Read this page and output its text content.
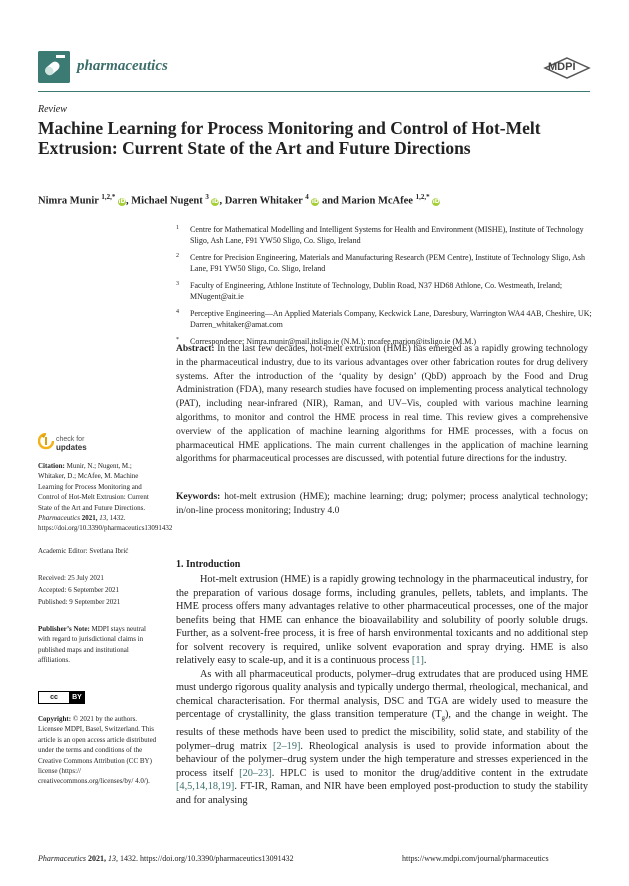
pharmaceutics	MDPI
Review
Machine Learning for Process Monitoring and Control of Hot-Melt Extrusion: Current State of the Art and Future Directions
Nimra Munir $^{1,2,*}$ iD, Michael Nugent $^3$ iD, Darren Whitaker $^4$ iD and Marion McAfee $^{1,2,*}$ iD
1 Centre for Mathematical Modelling and Intelligent Systems for Health and Environment (MISHE), Institute of Technology Sligo, Ash Lane, F91 YW50 Sligo, Co. Sligo, Ireland
2 Centre for Precision Engineering, Materials and Manufacturing Research (PEM Centre), Institute of Technology Sligo, Ash Lane, F91 YW50 Sligo, Co. Sligo, Ireland
3 Faculty of Engineering, Athlone Institute of Technology, Dublin Road, N37 HD68 Athlone, Co. Westmeath, Ireland; MNugent@ait.ie
4 Perceptive Engineering—An Applied Materials Company, Keckwick Lane, Daresbury, Warrington WA4 4AB, Cheshire, UK; Darren_whitaker@amat.com
* Correspondence: Nimra.munir@mail.itsligo.ie (N.M.); mcafee.marion@itsligo.ie (M.M.)
Abstract: In the last few decades, hot-melt extrusion (HME) has emerged as a rapidly growing technology in the pharmaceutical industry, due to its various advantages over other fabrication routes for drug delivery systems. After the introduction of the ‘quality by design’ (QbD) approach by the Food and Drug Administration (FDA), many research studies have focused on implementing process analytical technology (PAT), including near-infrared (NIR), Raman, and UV–Vis, coupled with various machine learning algorithms, to monitor and control the HME process in real time. This review gives a comprehensive overview of the application of machine learning algorithms for HME processes, with a focus on pharmaceutical HME applications. The main current challenges in the application of machine learning algorithms for pharmaceutical processes are discussed, with potential future directions for the industry.
Keywords: hot-melt extrusion (HME); machine learning; drug; polymer; process analytical technology; in/on-line process monitoring; Industry 4.0
check for
updates
Citation: Munir, N.; Nugent, M.; Whitaker, D.; McAfee, M. Machine Learning for Process Monitoring and Control of Hot-Melt Extrusion: Current State of the Art and Future Directions. Pharmaceutics 2021, 13, 1432. https://doi.org/10.3390/pharmaceutics13091432
Academic Editor: Svetlana Ibrić
Received: 25 July 2021
Accepted: 6 September 2021
Published: 9 September 2021
Publisher’s Note: MDPI stays neutral with regard to jurisdictional claims in published maps and institutional affiliations.
cc	BY
Copyright: © 2021 by the authors. Licensee MDPI, Basel, Switzerland. This article is an open access article distributed under the terms and conditions of the Creative Commons Attribution (CC BY) license (https:// creativecommons.org/licenses/by/ 4.0/).
1. Introduction

Hot-melt extrusion (HME) is a rapidly growing technology in the pharmaceutical industry, for the preparation of various dosage forms, including granules, pellets, tablets, and implants. The HME process offers many advantages relative to other pharmaceutical processes, one of the major benefits being that HME can enhance the bioavailability and solubility of poorly soluble drugs. Further, as a solvent-free process, it is free of harsh environmental toxicants and no additional step for solvent recovery is required, unlike solvent evaporation and spray drying. HME is also relatively easy to scale-up, and it is a continuous process [1].

As with all pharmaceutical products, polymer–drug extrudates that are produced using HME must undergo rigorous quality analysis and typically undergo thermal, rheological, mechanical, and chemical characterisation. For thermal analysis, DSC and TGA are widely used to measure the percentage of crystallinity, the glass transition temperature $(T_g)$, and the change in weight. The results of these methods have been used to predict the miscibility, solid state, and stability of the polymer–drug matrix [2–19]. Rheological analysis is used to provide information about the behaviour of the polymer–drug system under the high temperature and stresses experienced in the process itself [20–23]. HPLC is used to monitor the drug/additive content in the extrudate [4,5,14,18,19]. FT-IR, Raman, and NIR have been employed post-production to study the stability and for analysing

Pharmaceutics 2021, 13, 1432. https://doi.org/10.3390/pharmaceutics13091432	https://www.mdpi.com/journal/pharmaceutics
